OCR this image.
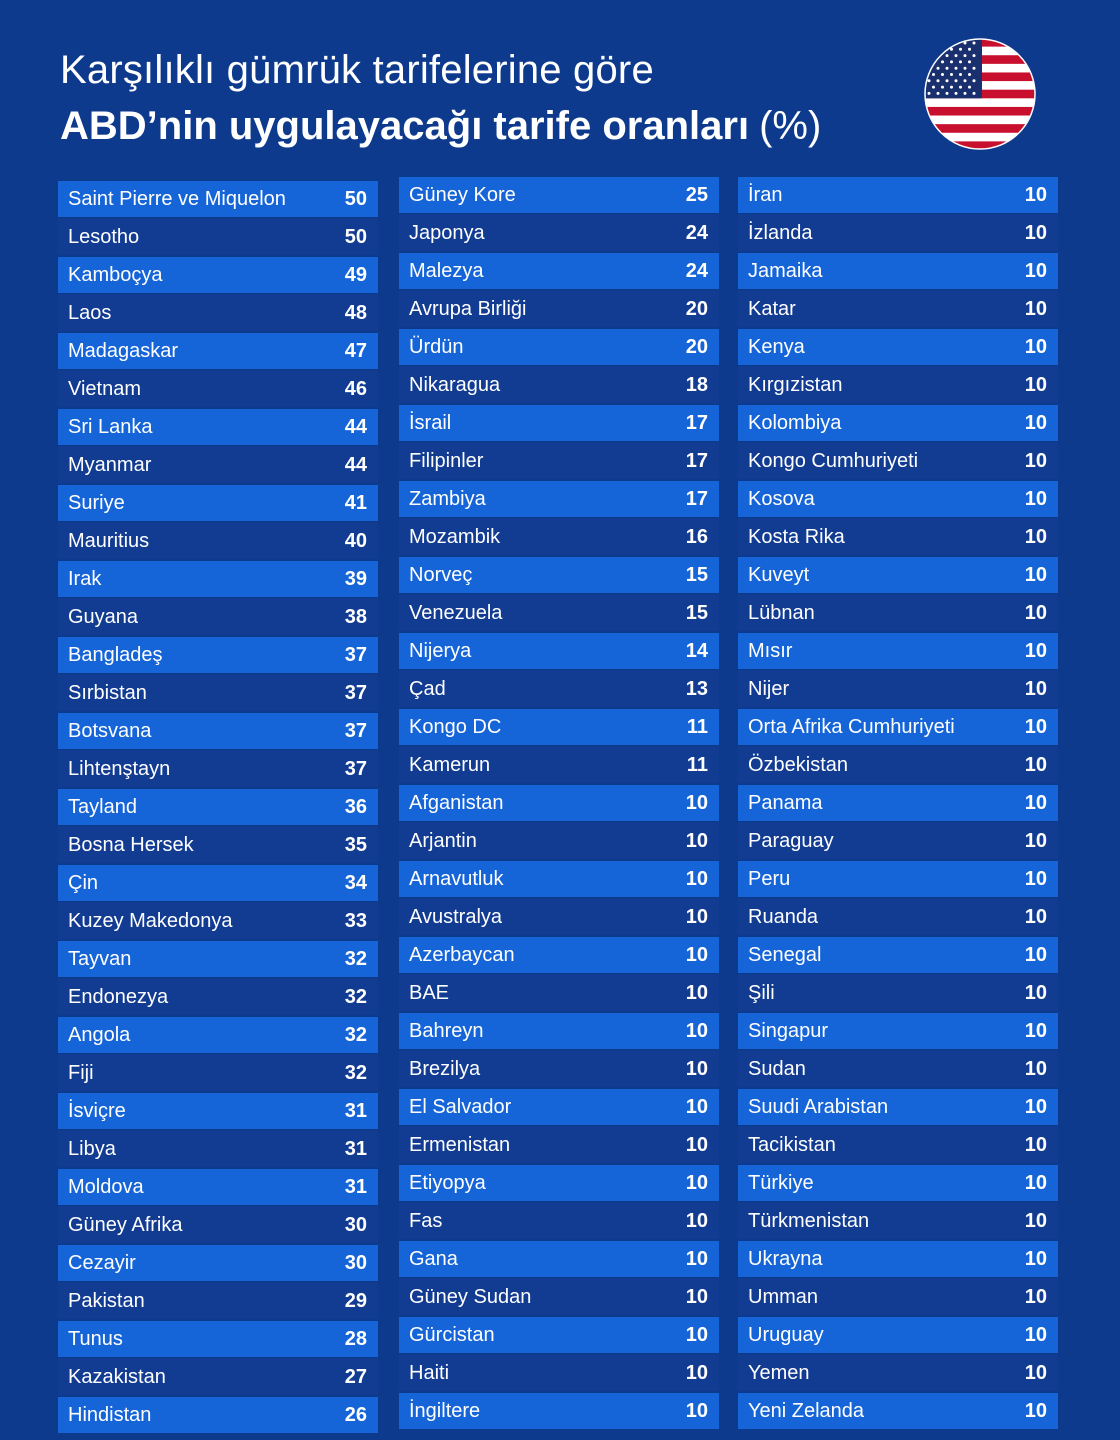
Karşılıklı gümrük tarifelerine göre
ABD’nin uygulayacağı tarife oranları (%)
Saint Pierre ve Miquelon	50
Lesotho	50
Kamboçya	49
Laos	48
Madagaskar	47
Vietnam	46
Sri Lanka	44
Myanmar	44
Suriye	41
Mauritius	40
Irak	39
Guyana	38
Bangladeş	37
Sırbistan	37
Botsvana	37
Lihtenştayn	37
Tayland	36
Bosna Hersek	35
Çin	34
Kuzey Makedonya	33
Tayvan	32
Endonezya	32
Angola	32
Fiji	32
İsviçre	31
Libya	31
Moldova	31
Güney Afrika	30
Cezayir	30
Pakistan	29
Tunus	28
Kazakistan	27
Hindistan	26
Güney Kore	25
Japonya	24
Malezya	24
Avrupa Birliği	20
Ürdün	20
Nikaragua	18
İsrail	17
Filipinler	17
Zambiya	17
Mozambik	16
Norveç	15
Venezuela	15
Nijerya	14
Çad	13
Kongo DC	11
Kamerun	11
Afganistan	10
Arjantin	10
Arnavutluk	10
Avustralya	10
Azerbaycan	10
BAE	10
Bahreyn	10
Brezilya	10
El Salvador	10
Ermenistan	10
Etiyopya	10
Fas	10
Gana	10
Güney Sudan	10
Gürcistan	10
Haiti	10
İngiltere	10
İran	10
İzlanda	10
Jamaika	10
Katar	10
Kenya	10
Kırgızistan	10
Kolombiya	10
Kongo Cumhuriyeti	10
Kosova	10
Kosta Rika	10
Kuveyt	10
Lübnan	10
Mısır	10
Nijer	10
Orta Afrika Cumhuriyeti	10
Özbekistan	10
Panama	10
Paraguay	10
Peru	10
Ruanda	10
Senegal	10
Şili	10
Singapur	10
Sudan	10
Suudi Arabistan	10
Tacikistan	10
Türkiye	10
Türkmenistan	10
Ukrayna	10
Umman	10
Uruguay	10
Yemen	10
Yeni Zelanda	10
